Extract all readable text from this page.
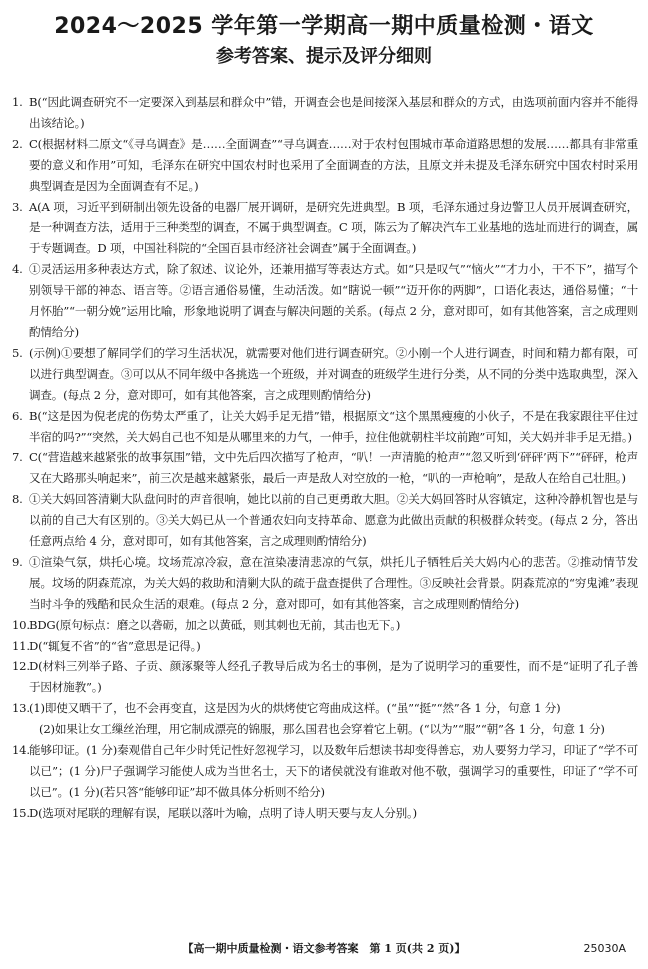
2024～2025 学年第一学期高一期中质量检测・语文
参考答案、提示及评分细则
1. B(“因此调查研究不一定要深入到基层和群众中”错，开调查会也是间接深入基层和群众的方式，由选项前面内容并不能得出该结论。)
2. C(根据材料二原文“《寻乌调查》是……全面调查”“寻乌调查……对于农村包围城市革命道路思想的发展……都具有非常重要的意义和作用”可知，毛泽东在研究中国农村时也采用了全面调查的方法，且原文并未提及毛泽东研究中国农村时采用典型调查是因为全面调查有不足。)
3. A(A 项，习近平到研制出领先设备的电器厂展开调研，是研究先进典型。B 项，毛泽东通过身边警卫人员开展调查研究，是一种调查方法，适用于三种类型的调查，不属于典型调查。C 项，陈云为了解决汽车工业基地的选址而进行的调查，属于专题调查。D 项，中国社科院的“全国百县市经济社会调查”属于全面调查。)
4. ①灵活运用多种表达方式，除了叙述、议论外，还兼用描写等表达方式。如“只是叹气”“恼火”“才力小，干不下”，描写个别领导干部的神态、语言等。②语言通俗易懂，生动活泼。如“瞎说一顿”“迈开你的两脚”，口语化表达，通俗易懂；“十月怀胎”“一朝分娩”运用比喻，形象地说明了调查与解决问题的关系。(每点 2 分，意对即可，如有其他答案，言之成理则酌情给分)
5. (示例)①要想了解同学们的学习生活状况，就需要对他们进行调查研究。②小刚一个人进行调查，时间和精力都有限，可以进行典型调查。③可以从不同年级中各挑选一个班级，并对调查的班级学生进行分类，从不同的分类中选取典型，深入调查。(每点 2 分，意对即可，如有其他答案，言之成理则酌情给分)
6. B(“这是因为倪老虎的伤势太严重了，让关大妈手足无措”错，根据原文“这个黑黑瘦瘦的小伙子，不是在我家跟往平住过半宿的吗?”“突然，关大妈自己也不知是从哪里来的力气，一伸手，拉住他就朝柱半坟前跑”可知，关大妈并非手足无措。)
7. C(“营造越来越紧张的故事氛围”错，文中先后四次描写了枪声，“叭！一声清脆的枪声”“忽又听到‘砰砰’两下”“砰砰，枪声又在大路那头响起来”，前三次是越来越紧张，最后一声是敌人对空放的一枪，“叭的一声枪响”，是敌人在给自己壮胆。)
8. ①关大妈回答清剿大队盘问时的声音很响，她比以前的自己更勇敢大胆。②关大妈回答时从容镇定，这种冷静机智也是与以前的自己大有区别的。③关大妈已从一个普通农妇向支持革命、愿意为此做出贡献的积极群众转变。(每点 2 分，答出任意两点给 4 分，意对即可，如有其他答案，言之成理则酌情给分)
9. ①渲染气氛，烘托心境。坟场荒凉冷寂，意在渲染凄清悲凉的气氛，烘托儿子牺牲后关大妈内心的悲苦。②推动情节发展。坟场的阴森荒凉，为关大妈的救助和清剿大队的疏于盘查提供了合理性。③反映社会背景。阴森荒凉的“穷鬼滩”表现当时斗争的残酷和民众生活的艰难。(每点 2 分，意对即可，如有其他答案，言之成理则酌情给分)
10. BDG(原句标点：磨之以砻砺，加之以黄砥，则其刺也无前，其击也无下。)
11. D(“辄复不省”的“省”意思是记得。)
12. D(材料三列举子路、子贡、颜涿聚等人经孔子教导后成为名士的事例，是为了说明学习的重要性，而不是“证明了孔子善于因材施教”。)
13. (1)即使又晒干了，也不会再变直，这是因为火的烘烤使它弯曲成这样。(“虽”“挺”“然”各 1 分，句意 1 分)
(2)如果让女工缫丝治理，用它制成漂亮的锦服，那么国君也会穿着它上朝。(“以为”“服”“朝”各 1 分，句意 1 分)
14. 能够印证。(1 分)秦观借自己年少时凭记性好忽视学习，以及数年后想读书却变得善忘，劝人要努力学习，印证了“学不可以已”；(1 分)尸子强调学习能使人成为当世名士，天下的诸侯就没有谁敢对他不敬，强调学习的重要性，印证了“学不可以已”。(1 分)(若只答“能够印证”却不做具体分析则不给分)
15. D(选项对尾联的理解有误，尾联以落叶为喻，点明了诗人明天要与友人分别。)
【高一期中质量检测・语文参考答案　第 1 页(共 2 页)】	25030A
